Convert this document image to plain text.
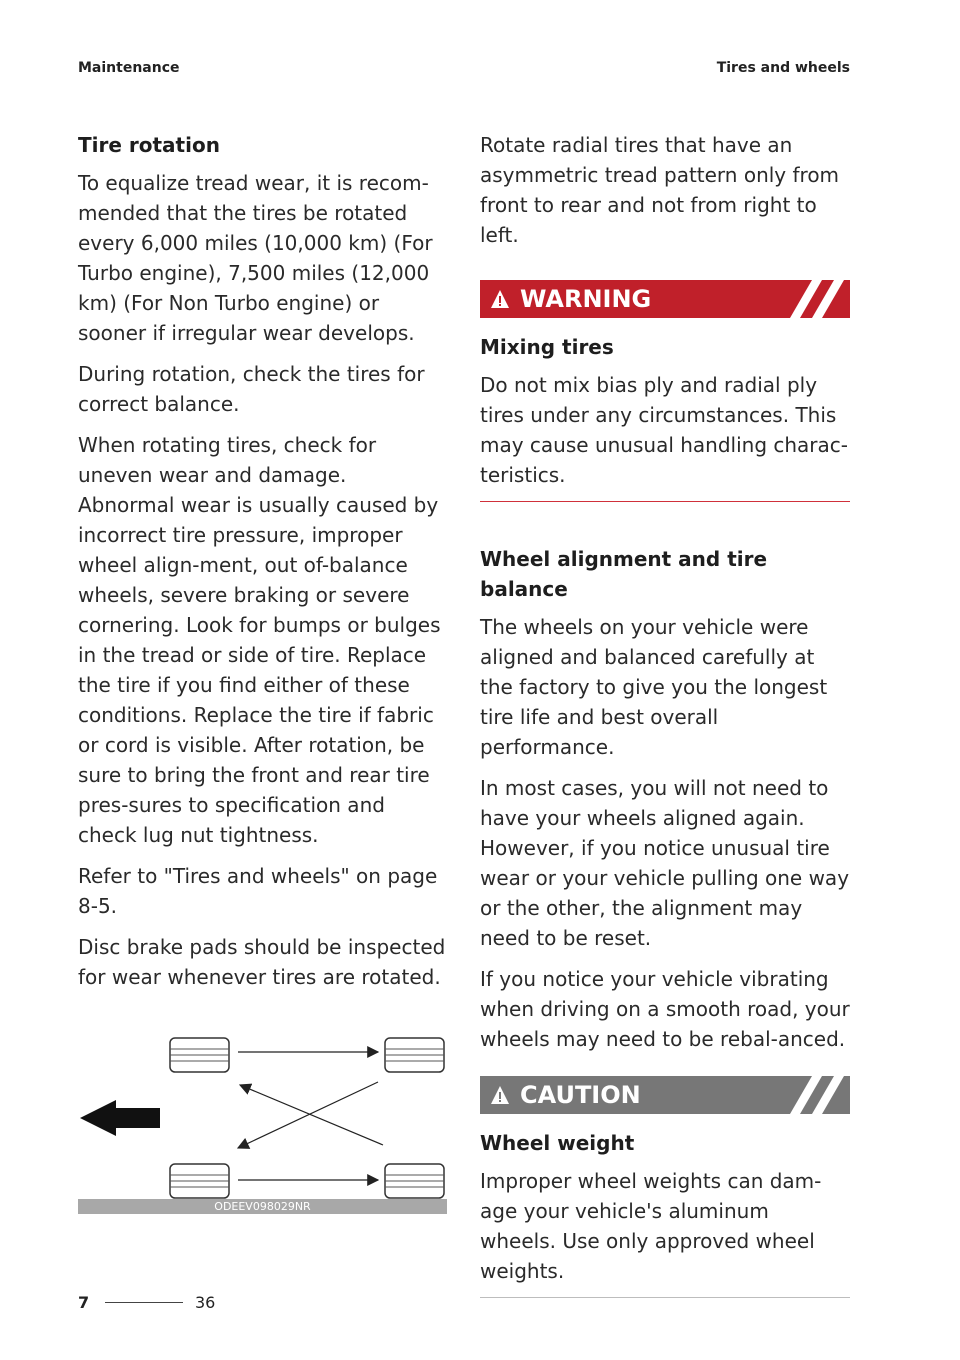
Maintenance	Tires and wheels
Tire rotation

To equalize tread wear, it is recom-mended that the tires be rotated every 6,000 miles (10,000 km) (For Turbo engine), 7,500 miles (12,000 km) (For Non Turbo engine) or sooner if irregular wear develops.

During rotation, check the tires for correct balance.

When rotating tires, check for uneven wear and damage. Abnormal wear is usually caused by incorrect tire pressure, improper wheel align-ment, out of-balance wheels, severe braking or severe cornering. Look for bumps or bulges in the tread or side of tire. Replace the tire if you find either of these conditions. Replace the tire if fabric or cord is visible. After rotation, be sure to bring the front and rear tire pres-sures to specification and check lug nut tightness.

Refer to "Tires and wheels" on page 8-5.

Disc brake pads should be inspected for wear whenever tires are rotated.

ODEEV098029NR

Rotate radial tires that have an asymmetric tread pattern only from front to rear and not from right to left.

WARNING
Mixing tires

Do not mix bias ply and radial ply tires under any circumstances. This may cause unusual handling charac-teristics.

Wheel alignment and tire balance

The wheels on your vehicle were aligned and balanced carefully at the factory to give you the longest tire life and best overall performance.

In most cases, you will not need to have your wheels aligned again. However, if you notice unusual tire wear or your vehicle pulling one way or the other, the alignment may need to be reset.

If you notice your vehicle vibrating when driving on a smooth road, your wheels may need to be rebal-anced.

CAUTION
Wheel weight

Improper wheel weights can dam-age your vehicle's aluminum wheels. Use only approved wheel weights.

7	36
